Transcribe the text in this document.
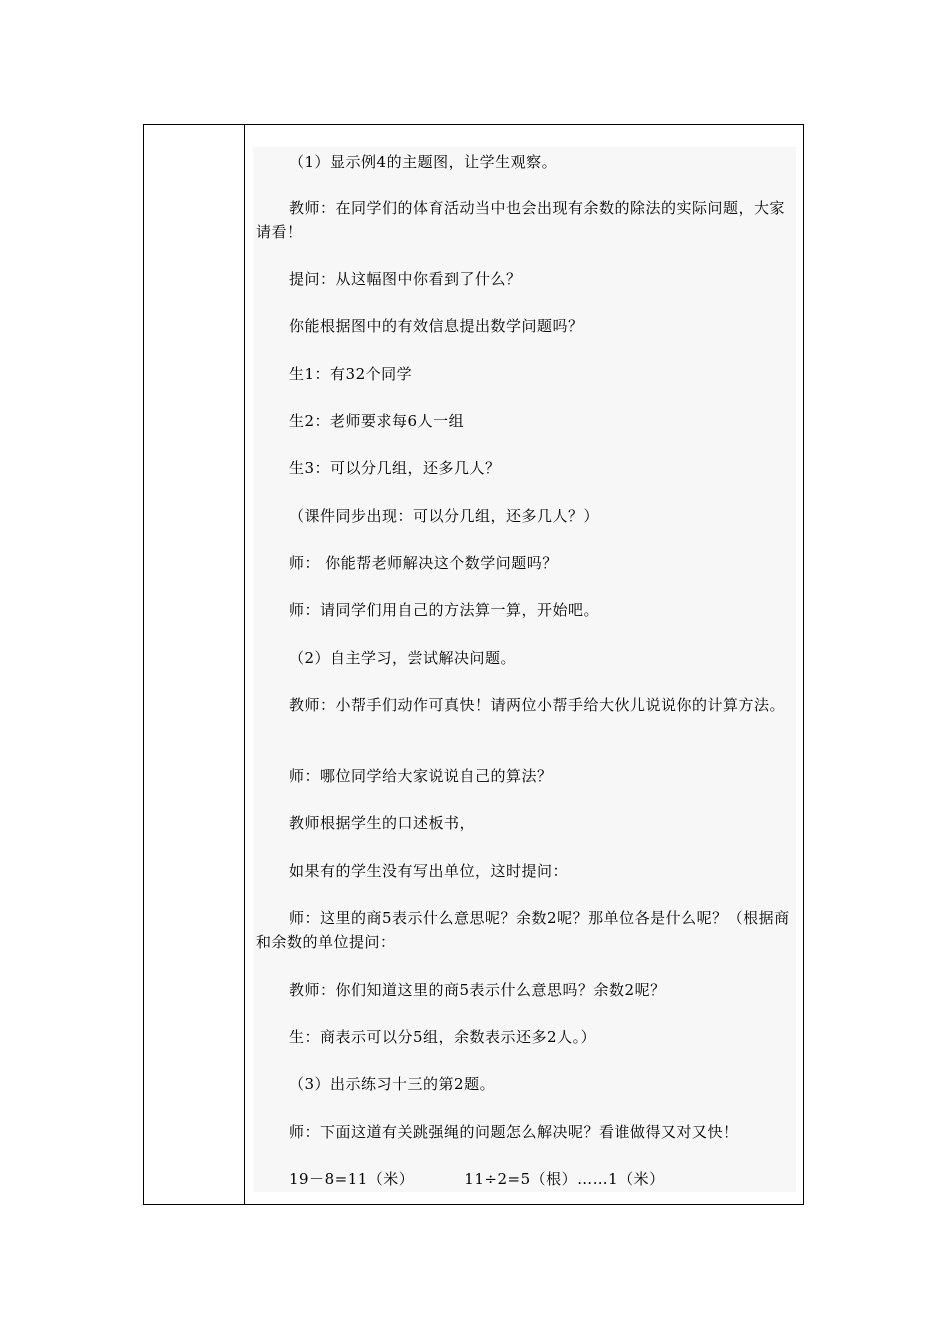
（1）显示例4的主题图，让学生观察。
教师：在同学们的体育活动当中也会出现有余数的除法的实际问题，大家请看！
提问：从这幅图中你看到了什么？
你能根据图中的有效信息提出数学问题吗？
生1：有32个同学
生2：老师要求每6人一组
生3：可以分几组，还多几人？
（课件同步出现：可以分几组，还多几人？）
师： 你能帮老师解决这个数学问题吗？
师：请同学们用自己的方法算一算，开始吧。
（2）自主学习，尝试解决问题。
教师：小帮手们动作可真快！请两位小帮手给大伙儿说说你的计算方法。
师：哪位同学给大家说说自己的算法？
教师根据学生的口述板书，
如果有的学生没有写出单位，这时提问：
师：这里的商5表示什么意思呢？余数2呢？那单位各是什么呢？（根据商和余数的单位提问：
教师：你们知道这里的商5表示什么意思吗？余数2呢？
生：商表示可以分5组，余数表示还多2人。）
（3）出示练习十三的第2题。
师：下面这道有关跳强绳的问题怎么解决呢？看谁做得又对又快！
19－8=11（米）	11÷2=5（根）……1（米）
